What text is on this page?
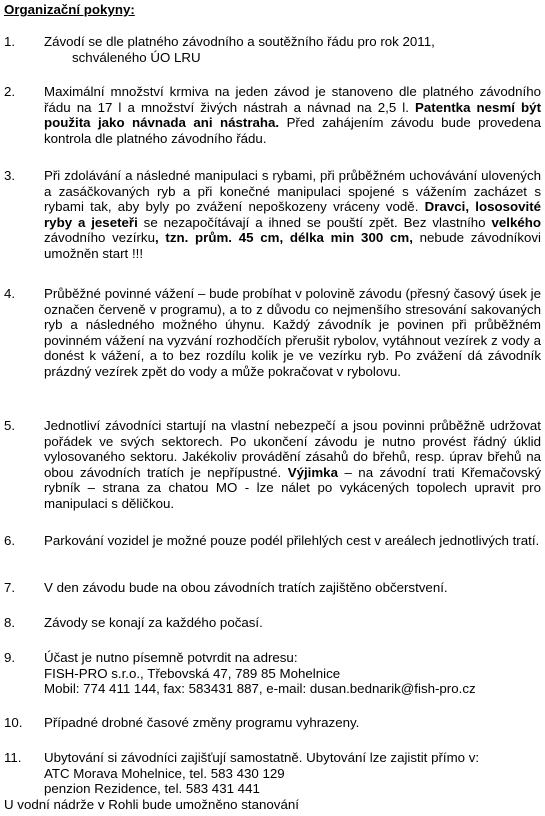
Organizační pokyny:
1.	Závodí se dle platného závodního a soutěžního řádu pro rok 2011,
schváleného ÚO LRU
2.	Maximální množství krmiva na jeden závod je stanoveno dle platného závodního řádu na 17 l a množství živých nástrah a návnad na 2,5 l. Patentka nesmí být použita jako návnada ani nástraha. Před zahájením závodu bude provedena kontrola dle platného závodního řádu.
3.	Při zdolávání a následné manipulaci s rybami, při průběžném uchovávání ulovených a zasáčkovaných ryb a při konečné manipulaci spojené s vážením zacházet s rybami tak, aby byly po zvážení nepoškozeny vráceny vodě. Dravci, lososovité ryby a jeseteři se nezapočítávají a ihned se pouští zpět. Bez vlastního velkého závodního vezírku, tzn. prům. 45 cm, délka min 300 cm, nebude závodníkovi umožněn start !!!
4.	Průběžné povinné vážení – bude probíhat v polovině závodu (přesný časový úsek je označen červeně v programu), a to z důvodu co nejmenšího stresování sakovaných ryb a následného možného úhynu. Každý závodník je povinen při průběžném povinném vážení na vyzvání rozhodčích přerušit rybolov, vytáhnout vezírek z vody a donést k vážení, a to bez rozdílu kolik je ve vezírku ryb. Po zvážení dá závodník prázdný vezírek zpět do vody a může pokračovat v rybolovu.
5.	Jednotliví závodníci startují na vlastní nebezpečí a jsou povinni průběžně udržovat pořádek ve svých sektorech. Po ukončení závodu je nutno provést řádný úklid vylosovaného sektoru. Jakékoliv provádění zásahů do břehů, resp. úprav břehů na obou závodních tratích je nepřípustné. Výjimka – na závodní trati Křemačovský rybník – strana za chatou MO - lze nálet po vykácených topolech upravit pro manipulaci s děličkou.
6.	Parkování vozidel je možné pouze podél přilehlých cest v areálech jednotlivých tratí.
7.	V den závodu bude na obou závodních tratích zajištěno občerstvení.
8.	Závody se konají za každého počasí.
9.	Účast je nutno písemně potvrdit na adresu:
FISH-PRO s.r.o., Třebovská 47, 789 85 Mohelnice
Mobil: 774 411 144, fax: 583431 887, e-mail: dusan.bednarik@fish-pro.cz
10.	Případné drobné časové změny programu vyhrazeny.
11.	Ubytování si závodníci zajišťují samostatně. Ubytování lze zajistit přímo v:
ATC Morava Mohelnice, tel. 583 430 129
penzion Rezidence, tel. 583 431 441
U vodní nádrže v Rohli bude umožněno stanování
